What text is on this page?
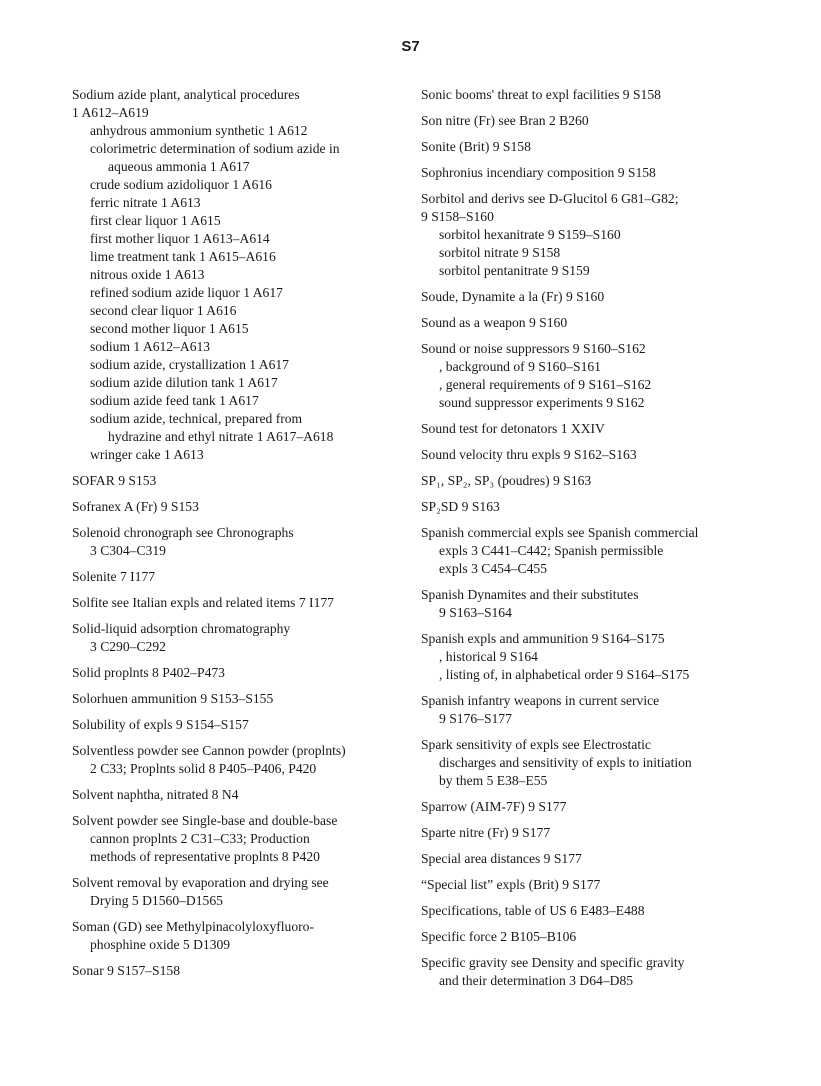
S7
Sodium azide plant, analytical procedures
1 A612–A619
anhydrous ammonium synthetic 1 A612
colorimetric determination of sodium azide in
aqueous ammonia 1 A617
crude sodium azidoliquor 1 A616
ferric nitrate 1 A613
first clear liquor 1 A615
first mother liquor 1 A613–A614
lime treatment tank 1 A615–A616
nitrous oxide 1 A613
refined sodium azide liquor 1 A617
second clear liquor 1 A616
second mother liquor 1 A615
sodium 1 A612–A613
sodium azide, crystallization 1 A617
sodium azide dilution tank 1 A617
sodium azide feed tank 1 A617
sodium azide, technical, prepared from
hydrazine and ethyl nitrate 1 A617–A618
wringer cake 1 A613
SOFAR 9 S153
Sofranex A (Fr) 9 S153
Solenoid chronograph see Chronographs
3 C304–C319
Solenite 7 I177
Solfite see Italian expls and related items 7 I177
Solid-liquid adsorption chromatography
3 C290–C292
Solid proplnts 8 P402–P473
Solorhuen ammunition 9 S153–S155
Solubility of expls 9 S154–S157
Solventless powder see Cannon powder (proplnts)
2 C33; Proplnts solid 8 P405–P406, P420
Solvent naphtha, nitrated 8 N4
Solvent powder see Single-base and double-base
cannon proplnts 2 C31–C33; Production
methods of representative proplnts 8 P420
Solvent removal by evaporation and drying see
Drying 5 D1560–D1565
Soman (GD) see Methylpinacolyloxyfluoro-
phosphine oxide 5 D1309
Sonar 9 S157–S158
Sonic booms' threat to expl facilities 9 S158
Son nitre (Fr) see Bran 2 B260
Sonite (Brit) 9 S158
Sophronius incendiary composition 9 S158
Sorbitol and derivs see D-Glucitol 6 G81–G82;
9 S158–S160
sorbitol hexanitrate 9 S159–S160
sorbitol nitrate 9 S158
sorbitol pentanitrate 9 S159
Soude, Dynamite a la (Fr) 9 S160
Sound as a weapon 9 S160
Sound or noise suppressors 9 S160–S162
, background of 9 S160–S161
, general requirements of 9 S161–S162
sound suppressor experiments 9 S162
Sound test for detonators 1 XXIV
Sound velocity thru expls 9 S162–S163
SP₁, SP₂, SP₃ (poudres) 9 S163
SP₂SD 9 S163
Spanish commercial expls see Spanish commercial
expls 3 C441–C442; Spanish permissible
expls 3 C454–C455
Spanish Dynamites and their substitutes
9 S163–S164
Spanish expls and ammunition 9 S164–S175
, historical 9 S164
, listing of, in alphabetical order 9 S164–S175
Spanish infantry weapons in current service
9 S176–S177
Spark sensitivity of expls see Electrostatic
discharges and sensitivity of expls to initiation
by them 5 E38–E55
Sparrow (AIM-7F) 9 S177
Sparte nitre (Fr) 9 S177
Special area distances 9 S177
“Special list” expls (Brit) 9 S177
Specifications, table of US 6 E483–E488
Specific force 2 B105–B106
Specific gravity see Density and specific gravity
and their determination 3 D64–D85
